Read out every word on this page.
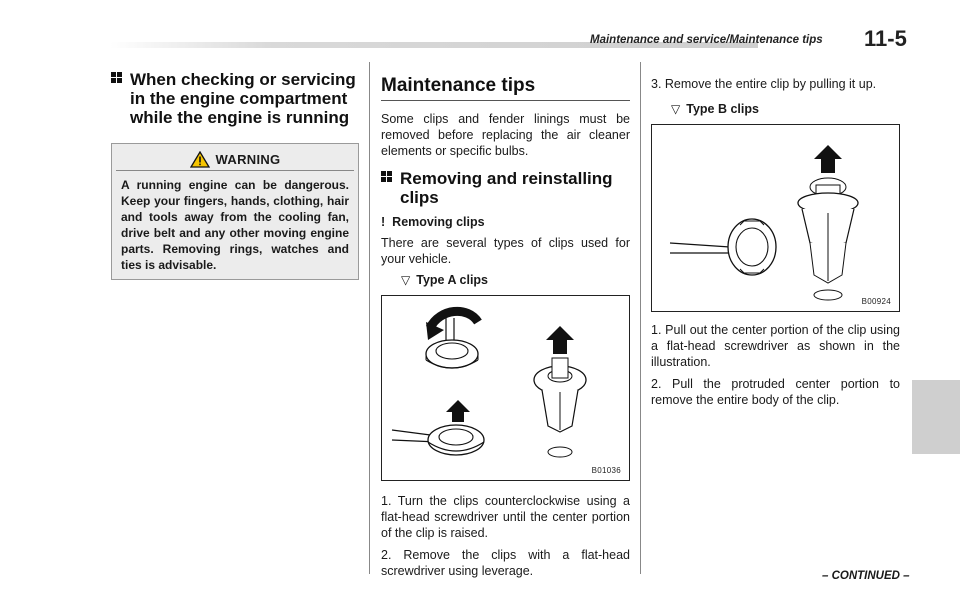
Maintenance and service/Maintenance tips 11-5
When checking or servicing in the engine compartment while the engine is running
WARNING
A running engine can be dangerous. Keep your fingers, hands, clothing, hair and tools away from the cooling fan, drive belt and any other moving engine parts. Removing rings, watches and ties is advisable.
Maintenance tips

Some clips and fender linings must be removed before replacing the air cleaner elements or specific bulbs.

Removing and reinstalling clips
! Removing clips

There are several types of clips used for your vehicle.

▽ Type A clips
B01036

1. Turn the clips counterclockwise using a flat-head screwdriver until the center portion of the clip is raised.

2. Remove the clips with a flat-head screwdriver using leverage.

3. Remove the entire clip by pulling it up.

▽ Type B clips
B00924

1. Pull out the center portion of the clip using a flat-head screwdriver as shown in the illustration.

2. Pull the protruded center portion to remove the entire body of the clip.

– CONTINUED –
